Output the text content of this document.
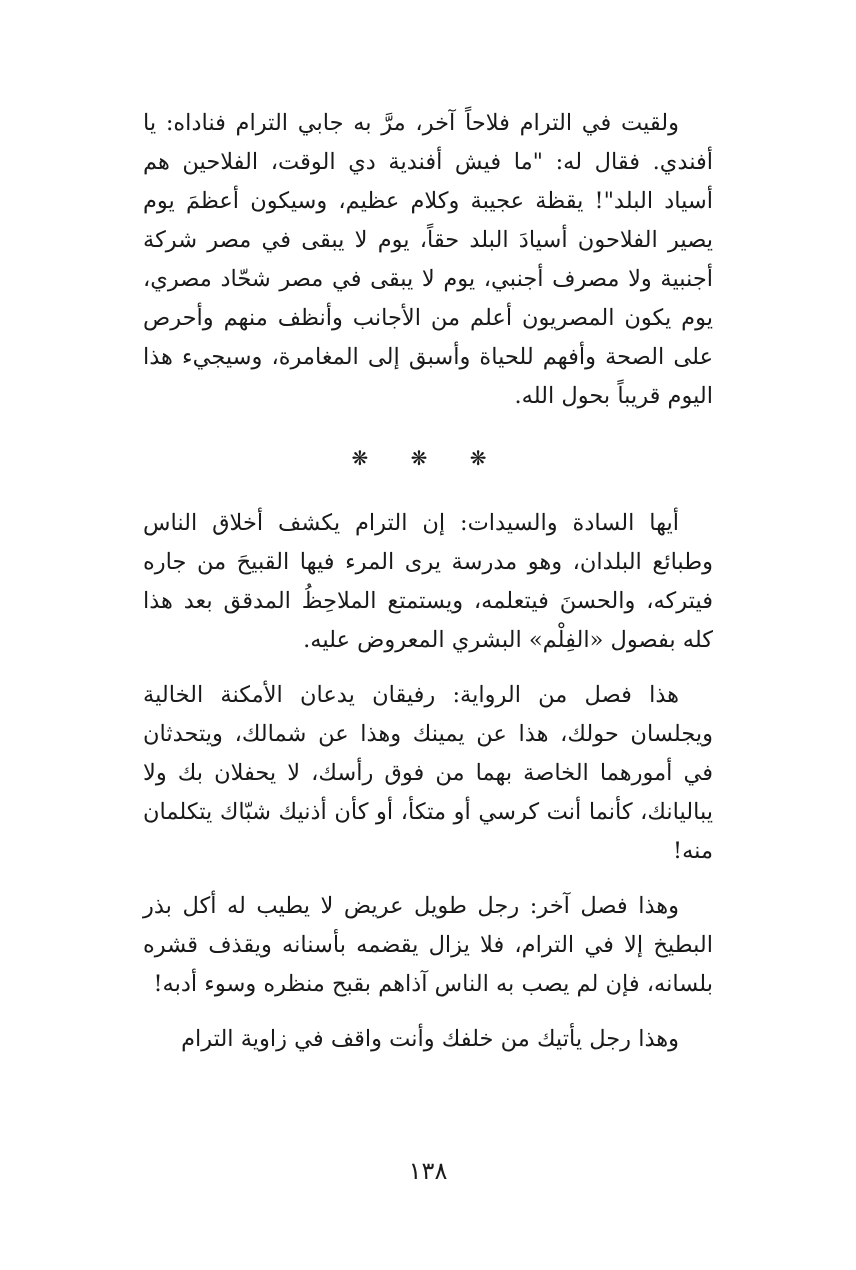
ولقيت في الترام فلاحاً آخر، مرَّ به جابي الترام فناداه: يا أفندي. فقال له: "ما فيش أفندية دي الوقت، الفلاحين هم أسياد البلد"! يقظة عجيبة وكلام عظيم، وسيكون أعظمَ يوم يصير الفلاحون أسيادَ البلد حقاً، يوم لا يبقى في مصر شركة أجنبية ولا مصرف أجنبي، يوم لا يبقى في مصر شحّاد مصري، يوم يكون المصريون أعلم من الأجانب وأنظف منهم وأحرص على الصحة وأفهم للحياة وأسبق إلى المغامرة، وسيجيء هذا اليوم قريباً بحول الله.

❋ ❋ ❋

أيها السادة والسيدات: إن الترام يكشف أخلاق الناس وطبائع البلدان، وهو مدرسة يرى المرء فيها القبيحَ من جاره فيتركه، والحسنَ فيتعلمه، ويستمتع الملاحِظُ المدقق بعد هذا كله بفصول «الفِلْم» البشري المعروض عليه.

هذا فصل من الرواية: رفيقان يدعان الأمكنة الخالية ويجلسان حولك، هذا عن يمينك وهذا عن شمالك، ويتحدثان في أمورهما الخاصة بهما من فوق رأسك، لا يحفلان بك ولا يباليانك، كأنما أنت كرسي أو متكأ، أو كأن أذنيك شبّاك يتكلمان منه!

وهذا فصل آخر: رجل طويل عريض لا يطيب له أكل بذر البطيخ إلا في الترام، فلا يزال يقضمه بأسنانه ويقذف قشره بلسانه، فإن لم يصب به الناس آذاهم بقبح منظره وسوء أدبه!

وهذا رجل يأتيك من خلفك وأنت واقف في زاوية الترام

١٣٨
